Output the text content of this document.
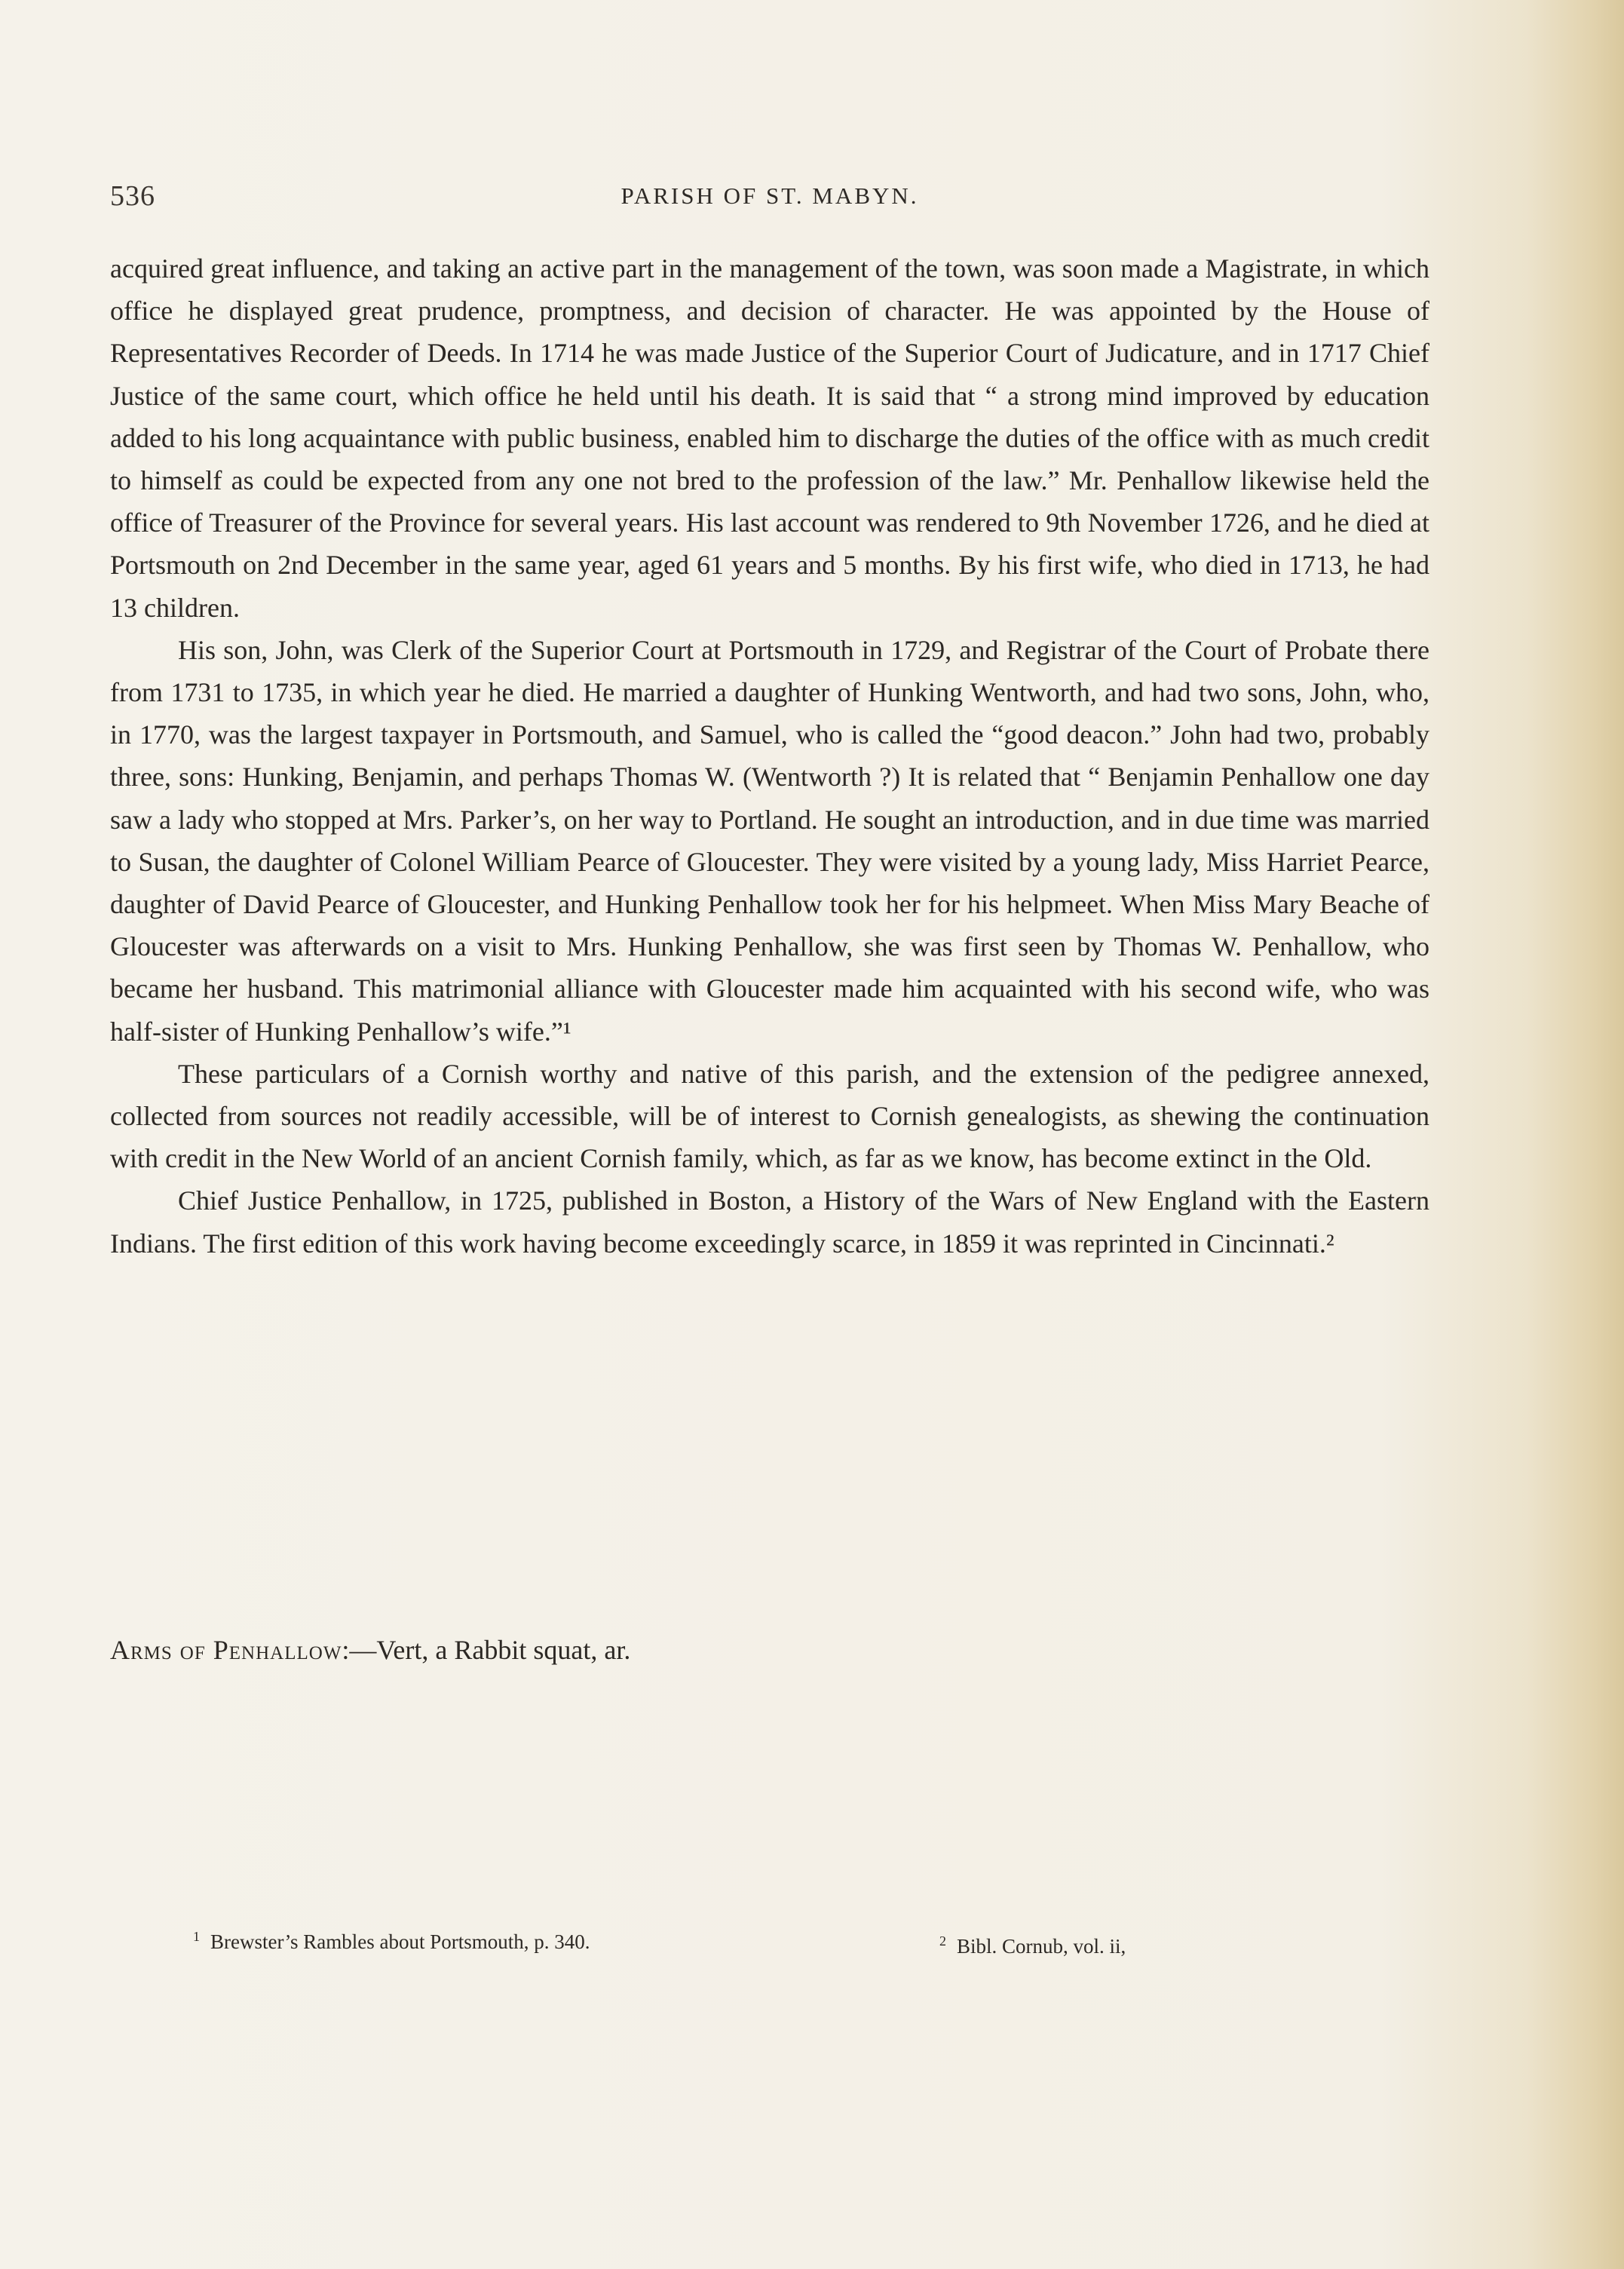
536	PARISH OF ST. MABYN.

acquired great influence, and taking an active part in the management of the town, was soon made a Magistrate, in which office he displayed great prudence, promptness, and decision of character. He was appointed by the House of Representatives Recorder of Deeds. In 1714 he was made Justice of the Superior Court of Judicature, and in 1717 Chief Justice of the same court, which office he held until his death. It is said that “ a strong mind improved by education added to his long acquaintance with public business, enabled him to discharge the duties of the office with as much credit to himself as could be expected from any one not bred to the profession of the law.” Mr. Penhallow likewise held the office of Treasurer of the Province for several years. His last account was rendered to 9th November 1726, and he died at Portsmouth on 2nd December in the same year, aged 61 years and 5 months. By his first wife, who died in 1713, he had 13 children.

His son, John, was Clerk of the Superior Court at Portsmouth in 1729, and Registrar of the Court of Probate there from 1731 to 1735, in which year he died. He married a daughter of Hunking Wentworth, and had two sons, John, who, in 1770, was the largest taxpayer in Portsmouth, and Samuel, who is called the “good deacon.” John had two, probably three, sons: Hunking, Benjamin, and perhaps Thomas W. (Wentworth ?) It is related that “ Benjamin Penhallow one day saw a lady who stopped at Mrs. Parker’s, on her way to Portland. He sought an introduction, and in due time was married to Susan, the daughter of Colonel William Pearce of Gloucester. They were visited by a young lady, Miss Harriet Pearce, daughter of David Pearce of Gloucester, and Hunking Penhallow took her for his helpmeet. When Miss Mary Beache of Gloucester was afterwards on a visit to Mrs. Hunking Penhallow, she was first seen by Thomas W. Penhallow, who became her husband. This matrimonial alliance with Gloucester made him acquainted with his second wife, who was half-sister of Hunking Penhallow’s wife.”¹

These particulars of a Cornish worthy and native of this parish, and the extension of the pedigree annexed, collected from sources not readily accessible, will be of interest to Cornish genealogists, as shewing the continuation with credit in the New World of an ancient Cornish family, which, as far as we know, has become extinct in the Old.

Chief Justice Penhallow, in 1725, published in Boston, a History of the Wars of New England with the Eastern Indians. The first edition of this work having become exceedingly scarce, in 1859 it was reprinted in Cincinnati.²

Arms of Penhallow:—Vert, a Rabbit squat, ar.
$^1$ Brewster’s Rambles about Portsmouth, p. 340.	$^2$ Bibl. Cornub, vol. ii,
